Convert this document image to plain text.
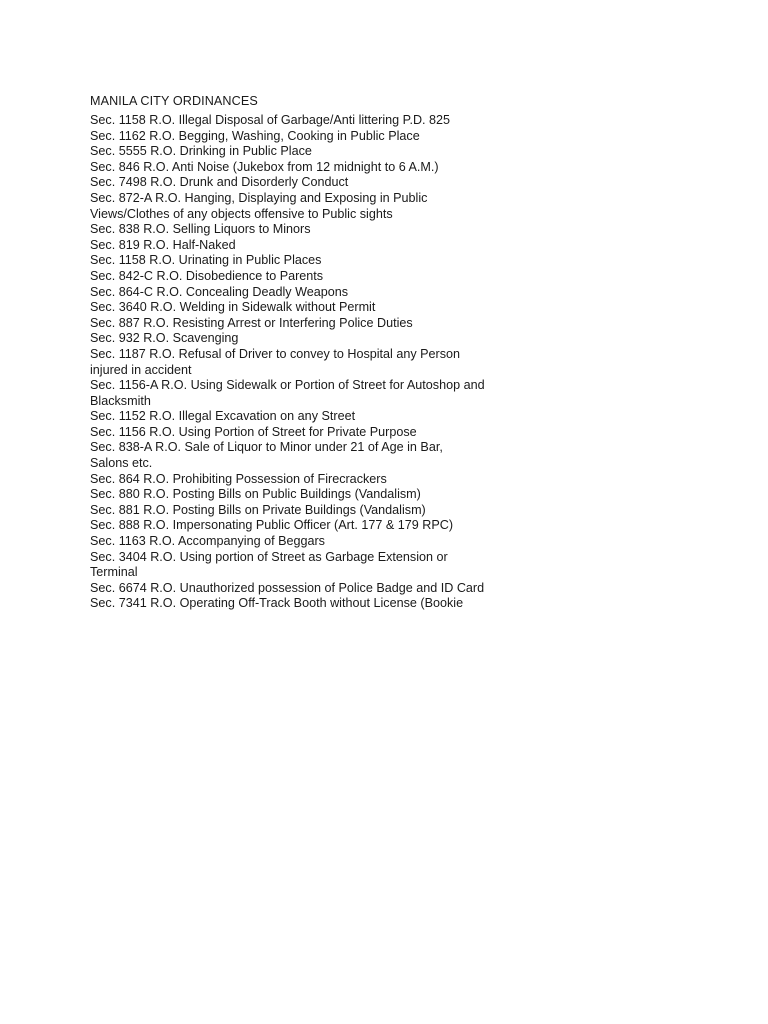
MANILA CITY ORDINANCES
Sec. 1158 R.O. Illegal Disposal of Garbage/Anti littering P.D. 825
Sec. 1162 R.O. Begging, Washing, Cooking in Public Place
Sec. 5555 R.O. Drinking in Public Place
Sec. 846 R.O. Anti Noise (Jukebox from 12 midnight to 6 A.M.)
Sec. 7498 R.O. Drunk and Disorderly Conduct
Sec. 872-A R.O. Hanging, Displaying and Exposing in Public Views/Clothes of any objects offensive to Public sights
Sec. 838 R.O. Selling Liquors to Minors
Sec. 819 R.O. Half-Naked
Sec. 1158 R.O. Urinating in Public Places
Sec. 842-C R.O. Disobedience to Parents
Sec. 864-C R.O. Concealing Deadly Weapons
Sec. 3640 R.O. Welding in Sidewalk without Permit
Sec. 887 R.O. Resisting Arrest or Interfering Police Duties
Sec. 932 R.O. Scavenging
Sec. 1187 R.O. Refusal of Driver to convey to Hospital any Person injured in accident
Sec. 1156-A R.O. Using Sidewalk or Portion of Street for Autoshop and Blacksmith
Sec. 1152 R.O. Illegal Excavation on any Street
Sec. 1156 R.O. Using Portion of Street for Private Purpose
Sec. 838-A R.O. Sale of Liquor to Minor under 21 of Age in Bar, Salons etc.
Sec. 864 R.O. Prohibiting Possession of Firecrackers
Sec. 880 R.O. Posting Bills on Public Buildings (Vandalism)
Sec. 881 R.O. Posting Bills on Private Buildings (Vandalism)
Sec. 888 R.O. Impersonating Public Officer (Art. 177 & 179 RPC)
Sec. 1163 R.O. Accompanying of Beggars
Sec. 3404 R.O. Using portion of Street as Garbage Extension or Terminal
Sec. 6674 R.O. Unauthorized possession of Police Badge and ID Card
Sec. 7341 R.O. Operating Off-Track Booth without License (Bookie
